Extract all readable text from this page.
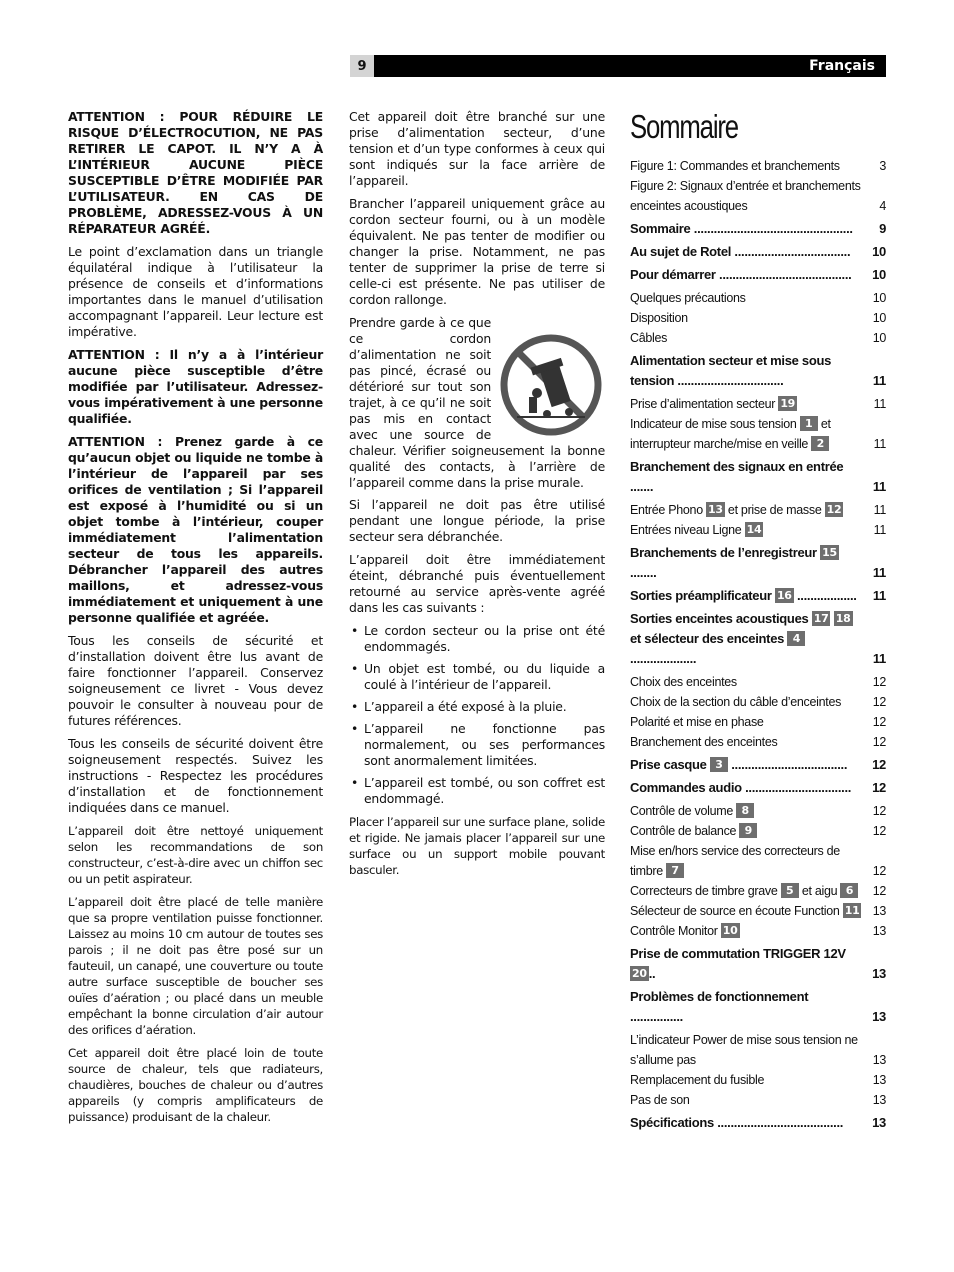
9	Français

ATTENTION : POUR RÉDUIRE LE RISQUE D’ÉLECTROCUTION, NE PAS RETIRER LE CAPOT. IL N’Y A À L’INTÉRIEUR AUCUNE PIÈCE SUSCEPTIBLE D’ÊTRE MODIFIÉE PAR L’UTILISATEUR. EN CAS DE PROBLÈME, ADRESSEZ-VOUS À UN RÉPARATEUR AGRÉÉ.

Le point d’exclamation dans un triangle équilatéral indique à l’utilisateur la présence de conseils et d’informations importantes dans le manuel d’utilisation accompagnant l’appareil. Leur lecture est impérative.

ATTENTION : Il n’y a à l’intérieur aucune pièce susceptible d’être modifiée par l’utilisateur. Adressez-vous impérativement à une personne qualifiée.

ATTENTION : Prenez garde à ce qu’aucun objet ou liquide ne tombe à l’intérieur de l’appareil par ses orifices de ventilation ; Si l’appareil est exposé à l’humidité ou si un objet tombe à l’intérieur, couper immédiatement l’alimentation secteur de tous les appareils. Débrancher l’appareil des autres maillons, et adressez-vous immédiatement et uniquement à une personne qualifiée et agréée.

Tous les conseils de sécurité et d’installation doivent être lus avant de faire fonctionner l’appareil. Conservez soigneusement ce livret - Vous devez pouvoir le consulter à nouveau pour de futures références.

Tous les conseils de sécurité doivent être soigneusement respectés. Suivez les instructions - Respectez les procédures d’installation et de fonctionnement indiquées dans ce manuel.

L’appareil doit être nettoyé uniquement selon les recommandations de son constructeur, c’est-à-dire avec un chiffon sec ou un petit aspirateur.

L’appareil doit être placé de telle manière que sa propre ventilation puisse fonctionner. Laissez au moins 10 cm autour de toutes ses parois ; il ne doit pas être posé sur un fauteuil, un canapé, une couverture ou toute autre surface susceptible de boucher ses ouïes d’aération ; ou placé dans un meuble empêchant la bonne circulation d’air autour des orifices d’aération.

Cet appareil doit être placé loin de toute source de chaleur, tels que radiateurs, chaudières, bouches de chaleur ou d’autres appareils (y compris amplificateurs de puissance) produisant de la chaleur.

Cet appareil doit être branché sur une prise d’alimentation secteur, d’une tension et d’un type conformes à ceux qui sont indiqués sur la face arrière de l’appareil.

Brancher l’appareil uniquement grâce au cordon secteur fourni, ou à un modèle équivalent. Ne pas tenter de modifier ou changer la prise. Notamment, ne pas tenter de supprimer la prise de terre si celle-ci est présente. Ne pas utiliser de cordon rallonge.

Prendre garde à ce que ce cordon d’alimentation ne soit pas pincé, écrasé ou détérioré sur tout son trajet, à ce qu’il ne soit pas mis en contact avec une source de chaleur. Vérifier soigneusement la bonne qualité des contacts, à l’arrière de l’appareil comme dans la prise murale.

Si l’appareil ne doit pas être utilisé pendant une longue période, la prise secteur sera débranchée.

L’appareil doit être immédiatement éteint, débranché puis éventuellement retourné au service après-vente agréé dans les cas suivants :

• Le cordon secteur ou la prise ont été endommagés.
• Un objet est tombé, ou du liquide a coulé à l’intérieur de l’appareil.
• L’appareil a été exposé à la pluie.
• L’appareil ne fonctionne pas normalement, ou ses performances sont anormalement limitées.
• L’appareil est tombé, ou son coffret est endommagé.

Placer l’appareil sur une surface plane, solide et rigide. Ne jamais placer l’appareil sur une surface ou un support mobile pouvant basculer.

Sommaire
Figure 1: Commandes et branchements	3
Figure 2: Signaux d’entrée et branchements enceintes acoustiques	4
Sommaire ................................................	9
Au sujet de Rotel ...................................	10
Pour démarrer ........................................	10
Quelques précautions	10
Disposition	10
Câbles	10
Alimentation secteur et mise sous tension ................................	11
Prise d’alimentation secteur 19	11
Indicateur de mise sous tension 1 et interrupteur marche/mise en veille 2	11
Branchement des signaux en entrée .......	11
Entrée Phono 13 et prise de masse 12	11
Entrées niveau Ligne 14	11
Branchements de l’enregistreur 15 ........	11
Sorties préamplificateur 16 ..................	11
Sorties enceintes acoustiques 17 18 et sélecteur des enceintes 4 ....................	11
Choix des enceintes	12
Choix de la section du câble d’enceintes	12
Polarité et mise en phase	12
Branchement des enceintes	12
Prise casque 3 ...................................	12
Commandes audio ................................	12
Contrôle de volume 8	12
Contrôle de balance 9	12
Mise en/hors service des correcteurs de timbre 7	12
Correcteurs de timbre grave 5 et aigu 6	12
Sélecteur de source en écoute Function 11	13
Contrôle Monitor 10	13
Prise de commutation TRIGGER 12V 20 ..	13
Problèmes de fonctionnement ................	13
L’indicateur Power de mise sous tension ne s’allume pas	13
Remplacement du fusible	13
Pas de son	13
Spécifications ......................................	13
